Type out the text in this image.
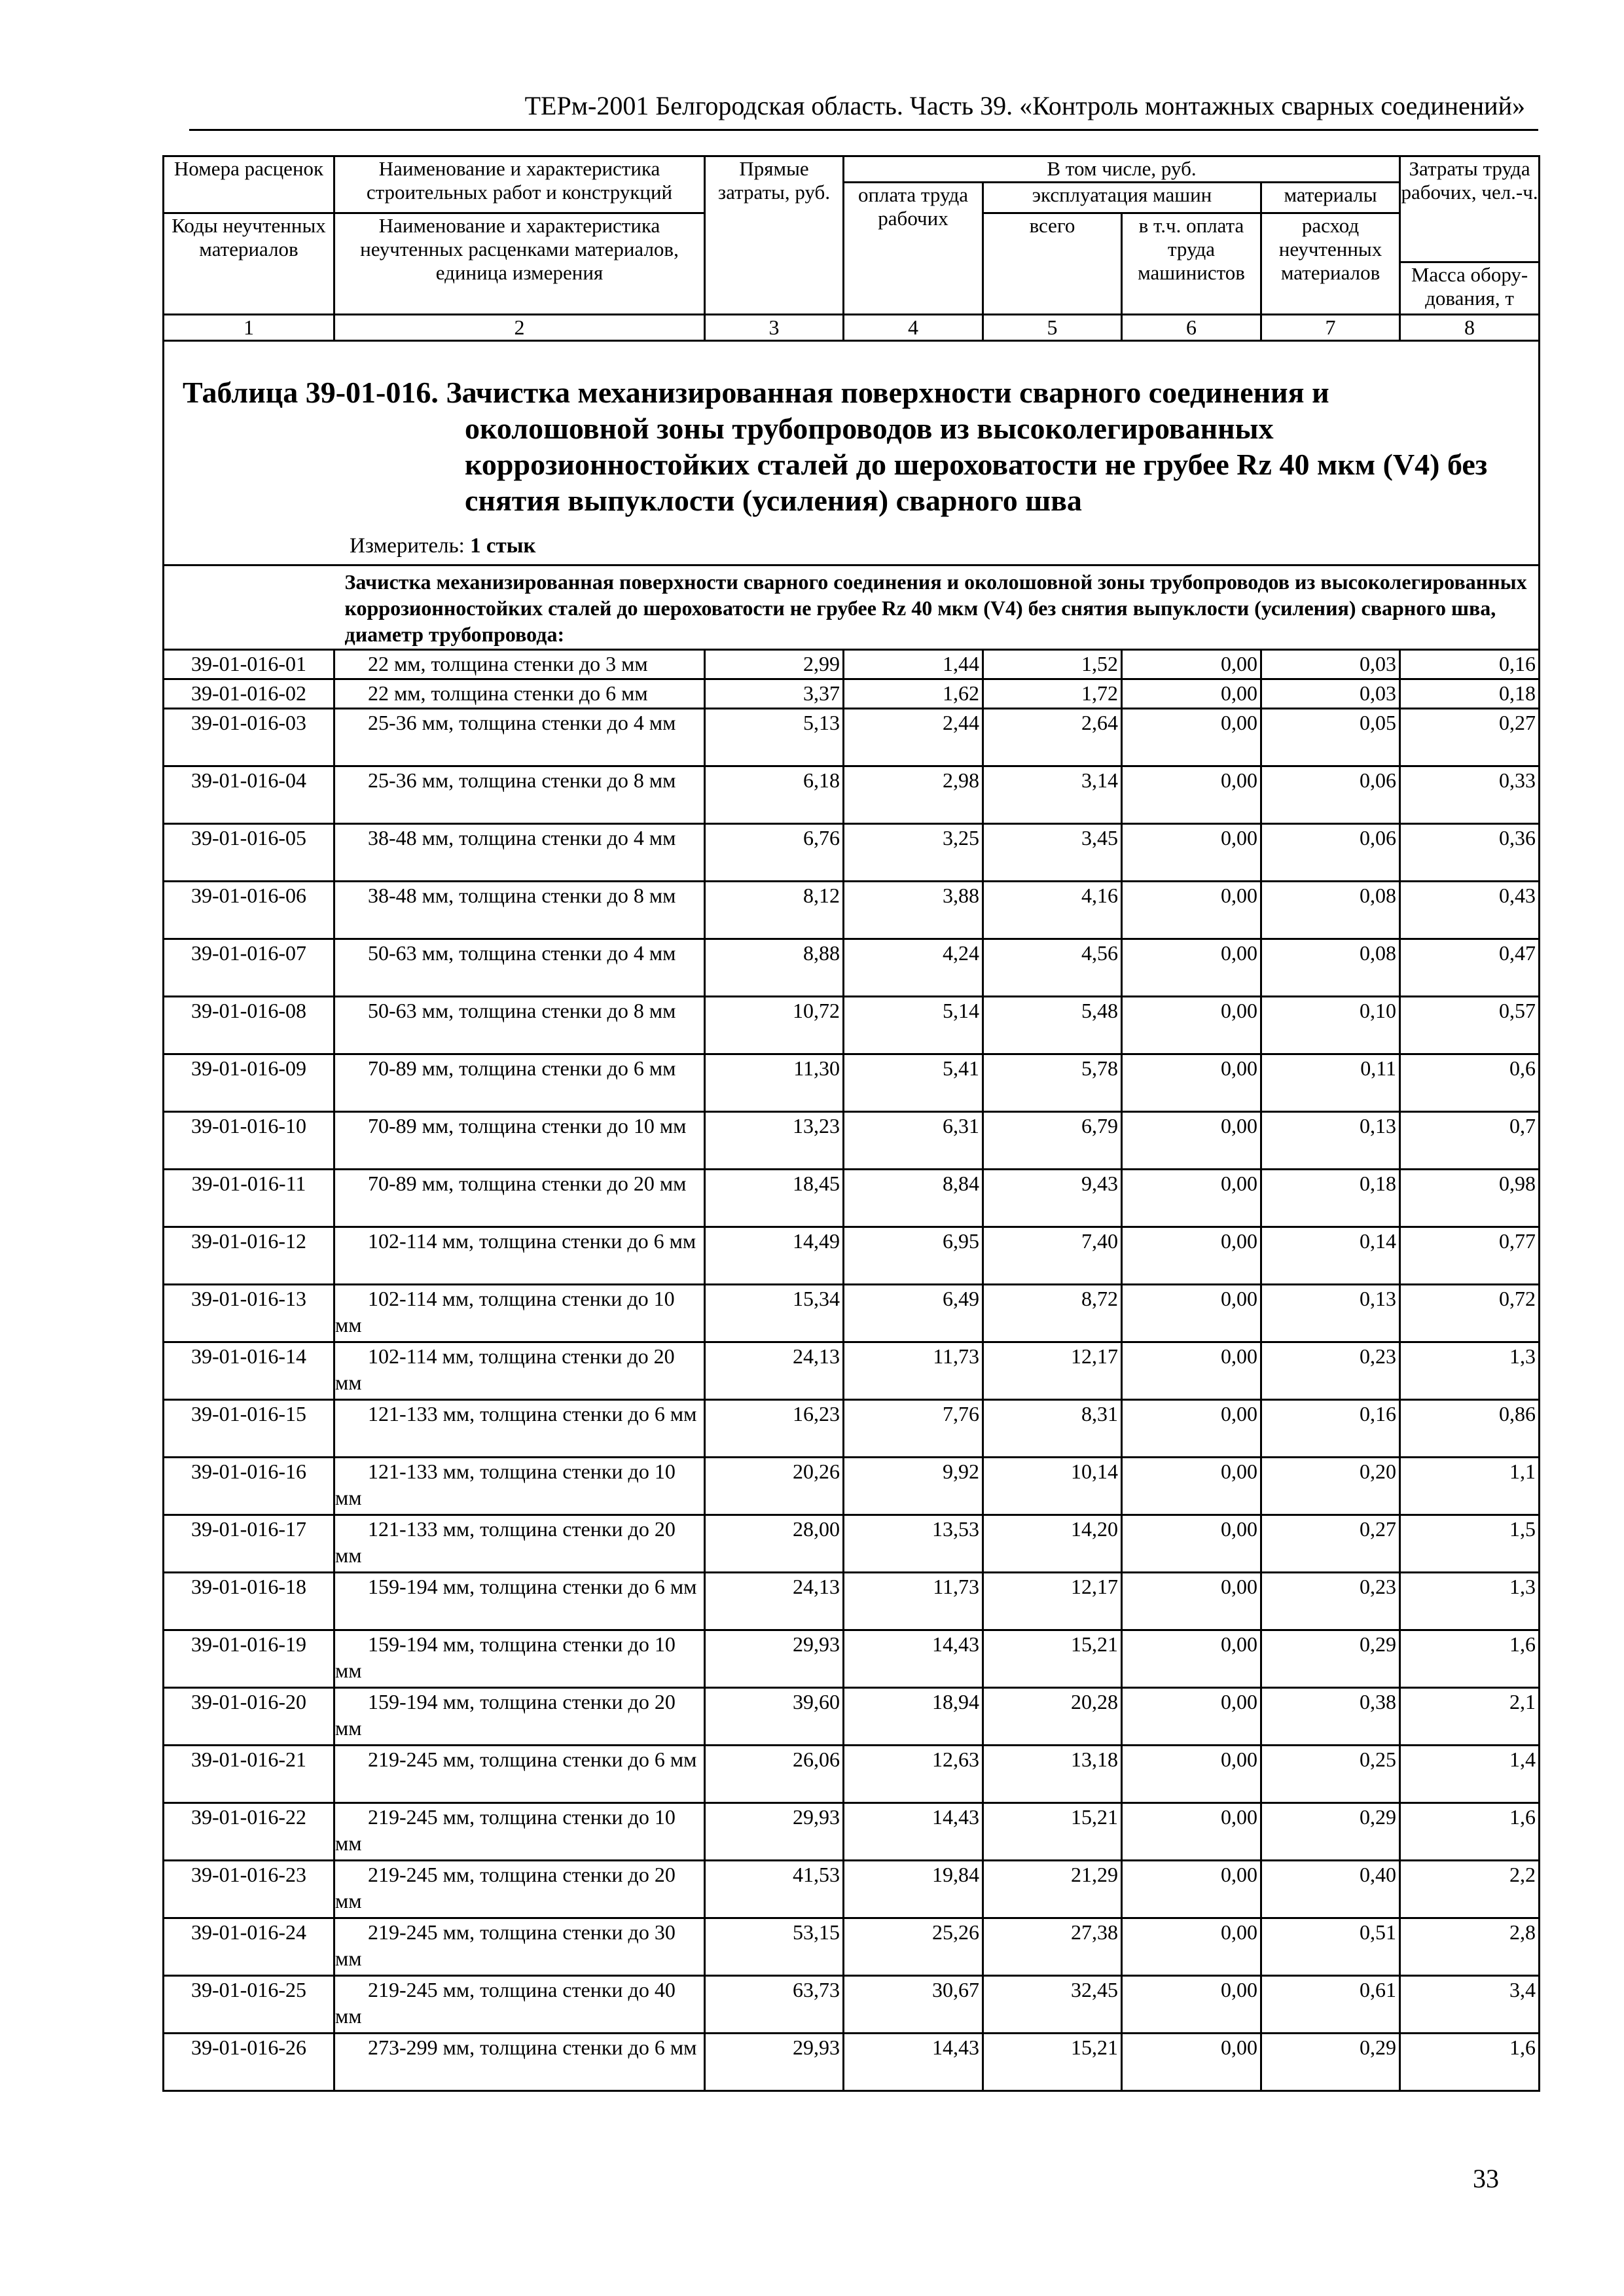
ТЕРм-2001 Белгородская область. Часть 39. «Контроль монтажных сварных соединений»
Номера расценок	Наименование и характеристика строительных работ и конструкций	Прямые затраты, руб.	В том числе, руб.				Затраты труда рабочих, чел.-ч.
			оплата труда рабочих	эксплуатация машин		материалы	
Коды неучтенных материалов	Наименование и характеристика неучтенных расценками материалов, единица измерения			всего	в т.ч. оплата труда машинистов	расход неучтенных материалов	
							Масса обору-дования, т
1	2	3	4	5	6	7	8

Таблица 39-01-016. Зачистка механизированная поверхности сварного соединения и
околошовной зоны трубопроводов из высоколегированных коррозионностойких сталей до шероховатости не грубее Rz 40 мкм (V4) без снятия выпуклости (усиления) сварного шва
Измеритель: 1 стык							

	Зачистка механизированная поверхности сварного соединения и околошовной зоны трубопроводов из высоколегированных коррозионностойких сталей до шероховатости не грубее Rz 40 мкм (V4) без снятия выпуклости (усиления) сварного шва, диаметр трубопровода:						

39-01-016-01	22 мм, толщина стенки до 3 мм	2,99	1,44	1,52	0,00	0,03	0,16
39-01-016-02	22 мм, толщина стенки до 6 мм	3,37	1,62	1,72	0,00	0,03	0,18
39-01-016-03	25-36 мм, толщина стенки до 4 мм	5,13	2,44	2,64	0,00	0,05	0,27
39-01-016-04	25-36 мм, толщина стенки до 8 мм	6,18	2,98	3,14	0,00	0,06	0,33
39-01-016-05	38-48 мм, толщина стенки до 4 мм	6,76	3,25	3,45	0,00	0,06	0,36
39-01-016-06	38-48 мм, толщина стенки до 8 мм	8,12	3,88	4,16	0,00	0,08	0,43
39-01-016-07	50-63 мм, толщина стенки до 4 мм	8,88	4,24	4,56	0,00	0,08	0,47
39-01-016-08	50-63 мм, толщина стенки до 8 мм	10,72	5,14	5,48	0,00	0,10	0,57
39-01-016-09	70-89 мм, толщина стенки до 6 мм	11,30	5,41	5,78	0,00	0,11	0,6
39-01-016-10	70-89 мм, толщина стенки до 10 мм	13,23	6,31	6,79	0,00	0,13	0,7
39-01-016-11	70-89 мм, толщина стенки до 20 мм	18,45	8,84	9,43	0,00	0,18	0,98
39-01-016-12	102-114 мм, толщина стенки до 6 мм	14,49	6,95	7,40	0,00	0,14	0,77
39-01-016-13	102-114 мм, толщина стенки до 10 мм	15,34	6,49	8,72	0,00	0,13	0,72
39-01-016-14	102-114 мм, толщина стенки до 20 мм	24,13	11,73	12,17	0,00	0,23	1,3
39-01-016-15	121-133 мм, толщина стенки до 6 мм	16,23	7,76	8,31	0,00	0,16	0,86
39-01-016-16	121-133 мм, толщина стенки до 10 мм	20,26	9,92	10,14	0,00	0,20	1,1
39-01-016-17	121-133 мм, толщина стенки до 20 мм	28,00	13,53	14,20	0,00	0,27	1,5
39-01-016-18	159-194 мм, толщина стенки до 6 мм	24,13	11,73	12,17	0,00	0,23	1,3
39-01-016-19	159-194 мм, толщина стенки до 10 мм	29,93	14,43	15,21	0,00	0,29	1,6
39-01-016-20	159-194 мм, толщина стенки до 20 мм	39,60	18,94	20,28	0,00	0,38	2,1
39-01-016-21	219-245 мм, толщина стенки до 6 мм	26,06	12,63	13,18	0,00	0,25	1,4
39-01-016-22	219-245 мм, толщина стенки до 10 мм	29,93	14,43	15,21	0,00	0,29	1,6
39-01-016-23	219-245 мм, толщина стенки до 20 мм	41,53	19,84	21,29	0,00	0,40	2,2
39-01-016-24	219-245 мм, толщина стенки до 30 мм	53,15	25,26	27,38	0,00	0,51	2,8
39-01-016-25	219-245 мм, толщина стенки до 40 мм	63,73	30,67	32,45	0,00	0,61	3,4
39-01-016-26	273-299 мм, толщина стенки до 6 мм	29,93	14,43	15,21	0,00	0,29	1,6
33
